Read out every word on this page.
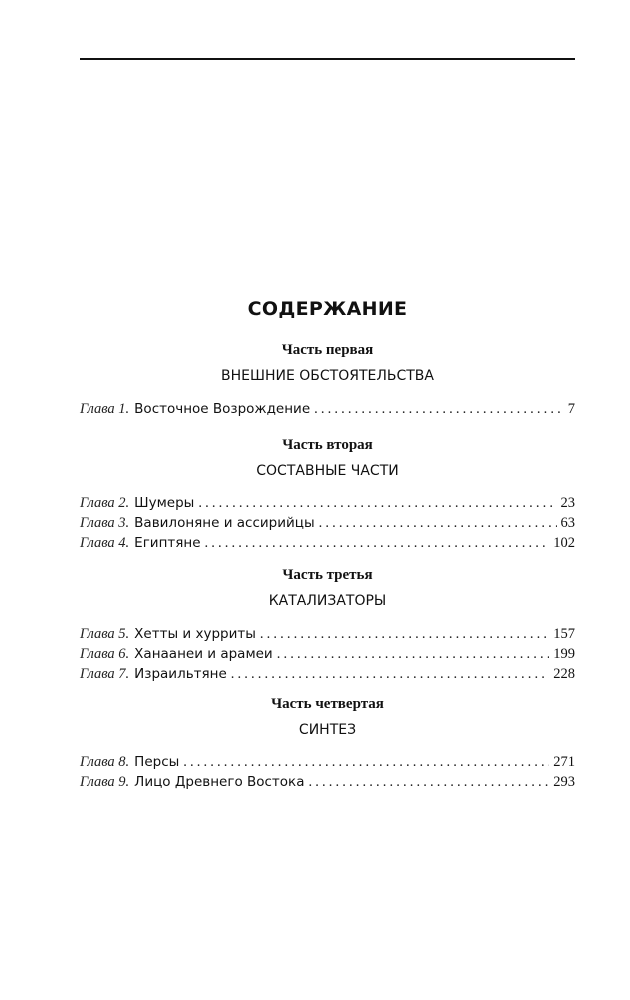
СОДЕРЖАНИЕ
Часть первая
ВНЕШНИЕ ОБСТОЯТЕЛЬСТВА
Глава 1. Восточное Возрождение . . .	7
Часть вторая
СОСТАВНЫЕ ЧАСТИ
Глава 2. Шумеры . . .	23
Глава 3. Вавилоняне и ассирийцы . . .	63
Глава 4. Египтяне . . .	102
Часть третья
КАТАЛИЗАТОРЫ
Глава 5. Хетты и хурриты . . .	157
Глава 6. Ханаанеи и арамеи . . .	199
Глава 7. Израильтяне . . .	228
Часть четвертая
СИНТЕЗ
Глава 8. Персы . . .	271
Глава 9. Лицо Древнего Востока . . .	293
